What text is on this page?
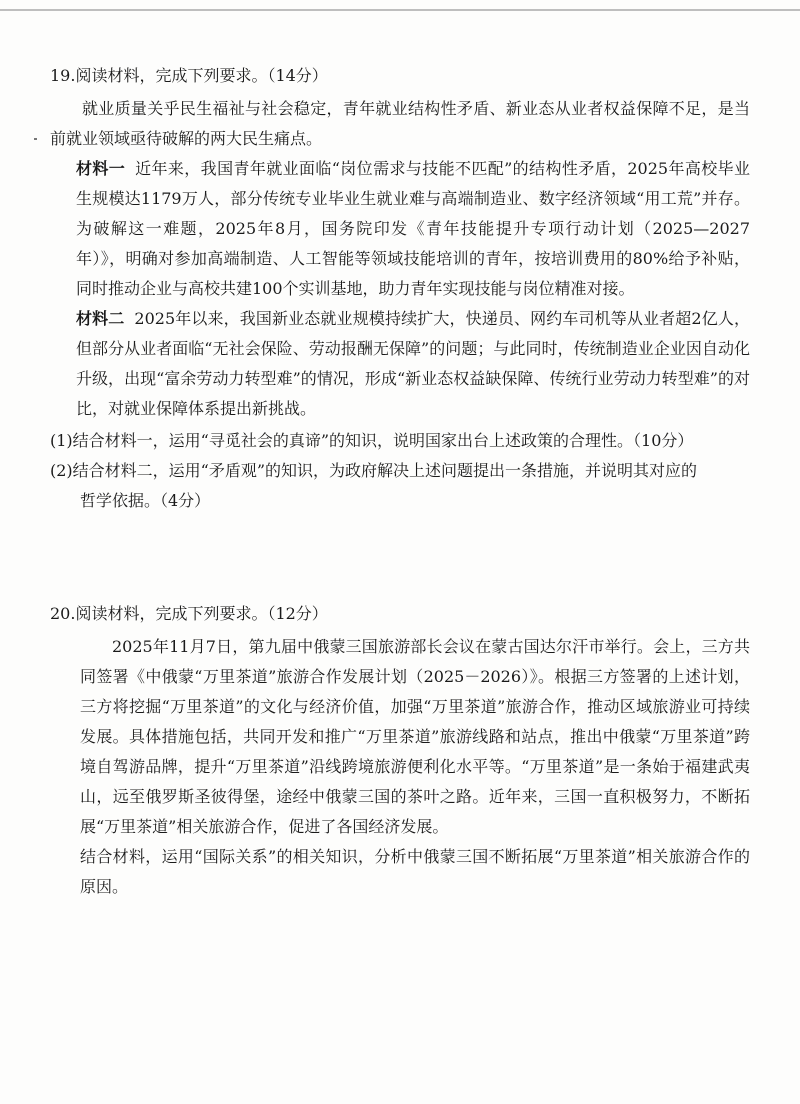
19.阅读材料，完成下列要求。（14分）

就业质量关乎民生福祉与社会稳定，青年就业结构性矛盾、新业态从业者权益保障不足，是当前就业领域亟待破解的两大民生痛点。

材料一 近年来，我国青年就业面临“岗位需求与技能不匹配”的结构性矛盾，2025年高校毕业生规模达1179万人，部分传统专业毕业生就业难与高端制造业、数字经济领域“用工荒”并存。为破解这一难题，2025年8月，国务院印发《青年技能提升专项行动计划（2025—2027年）》，明确对参加高端制造、人工智能等领域技能培训的青年，按培训费用的80%给予补贴，同时推动企业与高校共建100个实训基地，助力青年实现技能与岗位精准对接。

材料二 2025年以来，我国新业态就业规模持续扩大，快递员、网约车司机等从业者超2亿人，但部分从业者面临“无社会保险、劳动报酬无保障”的问题；与此同时，传统制造业企业因自动化升级，出现“富余劳动力转型难”的情况，形成“新业态权益缺保障、传统行业劳动力转型难”的对比，对就业保障体系提出新挑战。

(1)结合材料一，运用“寻觅社会的真谛”的知识，说明国家出台上述政策的合理性。（10分）

(2)结合材料二，运用“矛盾观”的知识，为政府解决上述问题提出一条措施，并说明其对应的
哲学依据。（4分）

20.阅读材料，完成下列要求。（12分）

2025年11月7日，第九届中俄蒙三国旅游部长会议在蒙古国达尔汗市举行。会上，三方共同签署《中俄蒙“万里茶道”旅游合作发展计划（2025－2026）》。根据三方签署的上述计划，三方将挖掘“万里茶道”的文化与经济价值，加强“万里茶道”旅游合作，推动区域旅游业可持续发展。具体措施包括，共同开发和推广“万里茶道”旅游线路和站点，推出中俄蒙“万里茶道”跨境自驾游品牌，提升“万里茶道”沿线跨境旅游便利化水平等。“万里茶道”是一条始于福建武夷山，远至俄罗斯圣彼得堡，途经中俄蒙三国的茶叶之路。近年来，三国一直积极努力，不断拓展“万里茶道”相关旅游合作，促进了各国经济发展。

结合材料，运用“国际关系”的相关知识，分析中俄蒙三国不断拓展“万里茶道”相关旅游合作的原因。
